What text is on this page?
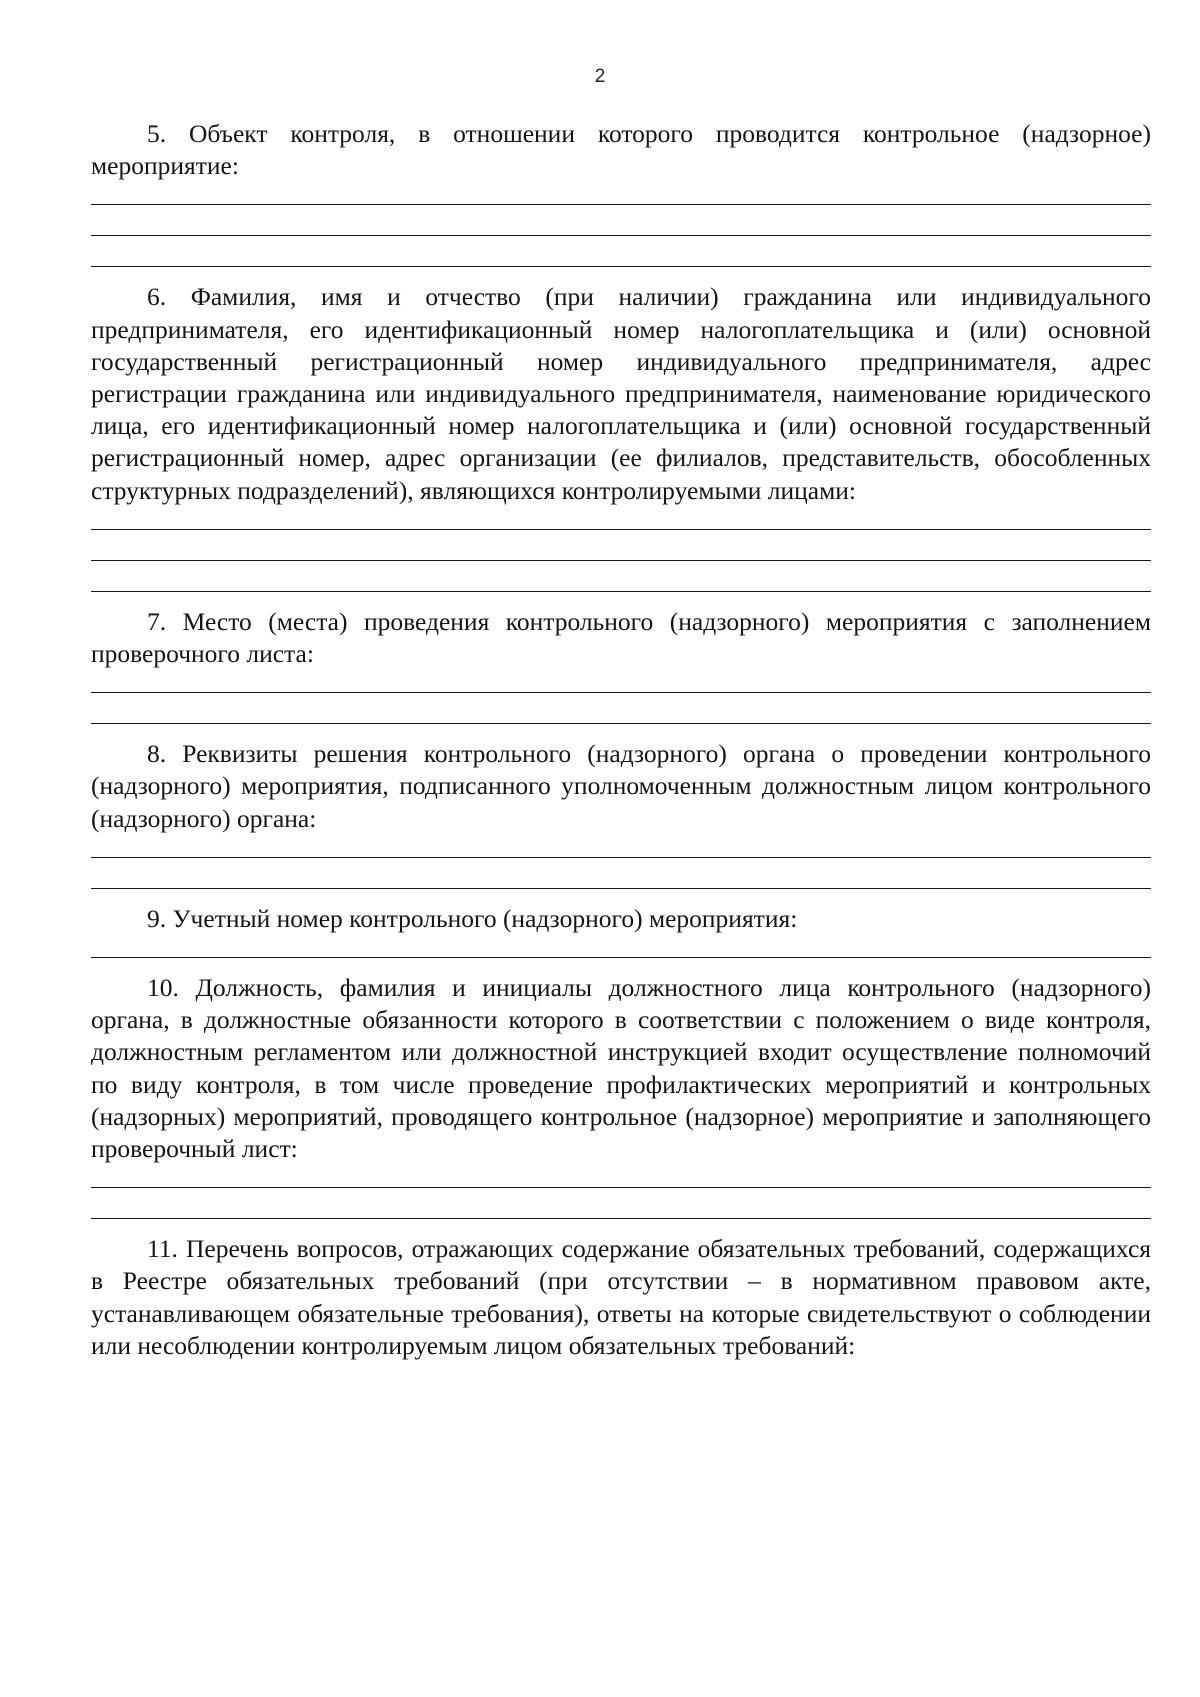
2

5. Объект контроля, в отношении которого проводится контрольное (надзорное) мероприятие:

6. Фамилия, имя и отчество (при наличии) гражданина или индивидуального предпринимателя, его идентификационный номер налогоплательщика и (или) основной государственный регистрационный номер индивидуального предпринимателя, адрес регистрации гражданина или индивидуального предпринимателя, наименование юридического лица, его идентификационный номер налогоплательщика и (или) основной государственный регистрационный номер, адрес организации (ее филиалов, представительств, обособленных структурных подразделений), являющихся контролируемыми лицами:

7. Место (места) проведения контрольного (надзорного) мероприятия с заполнением проверочного листа:

8. Реквизиты решения контрольного (надзорного) органа о проведении контрольного (надзорного) мероприятия, подписанного уполномоченным должностным лицом контрольного (надзорного) органа:

9. Учетный номер контрольного (надзорного) мероприятия:

10. Должность, фамилия и инициалы должностного лица контрольного (надзорного) органа, в должностные обязанности которого в соответствии с положением о виде контроля, должностным регламентом или должностной инструкцией входит осуществление полномочий по виду контроля, в том числе проведение профилактических мероприятий и контрольных (надзорных) мероприятий, проводящего контрольное (надзорное) мероприятие и заполняющего проверочный лист:

11. Перечень вопросов, отражающих содержание обязательных требований, содержащихся в Реестре обязательных требований (при отсутствии – в нормативном правовом акте, устанавливающем обязательные требования), ответы на которые свидетельствуют о соблюдении или несоблюдении контролируемым лицом обязательных требований:
